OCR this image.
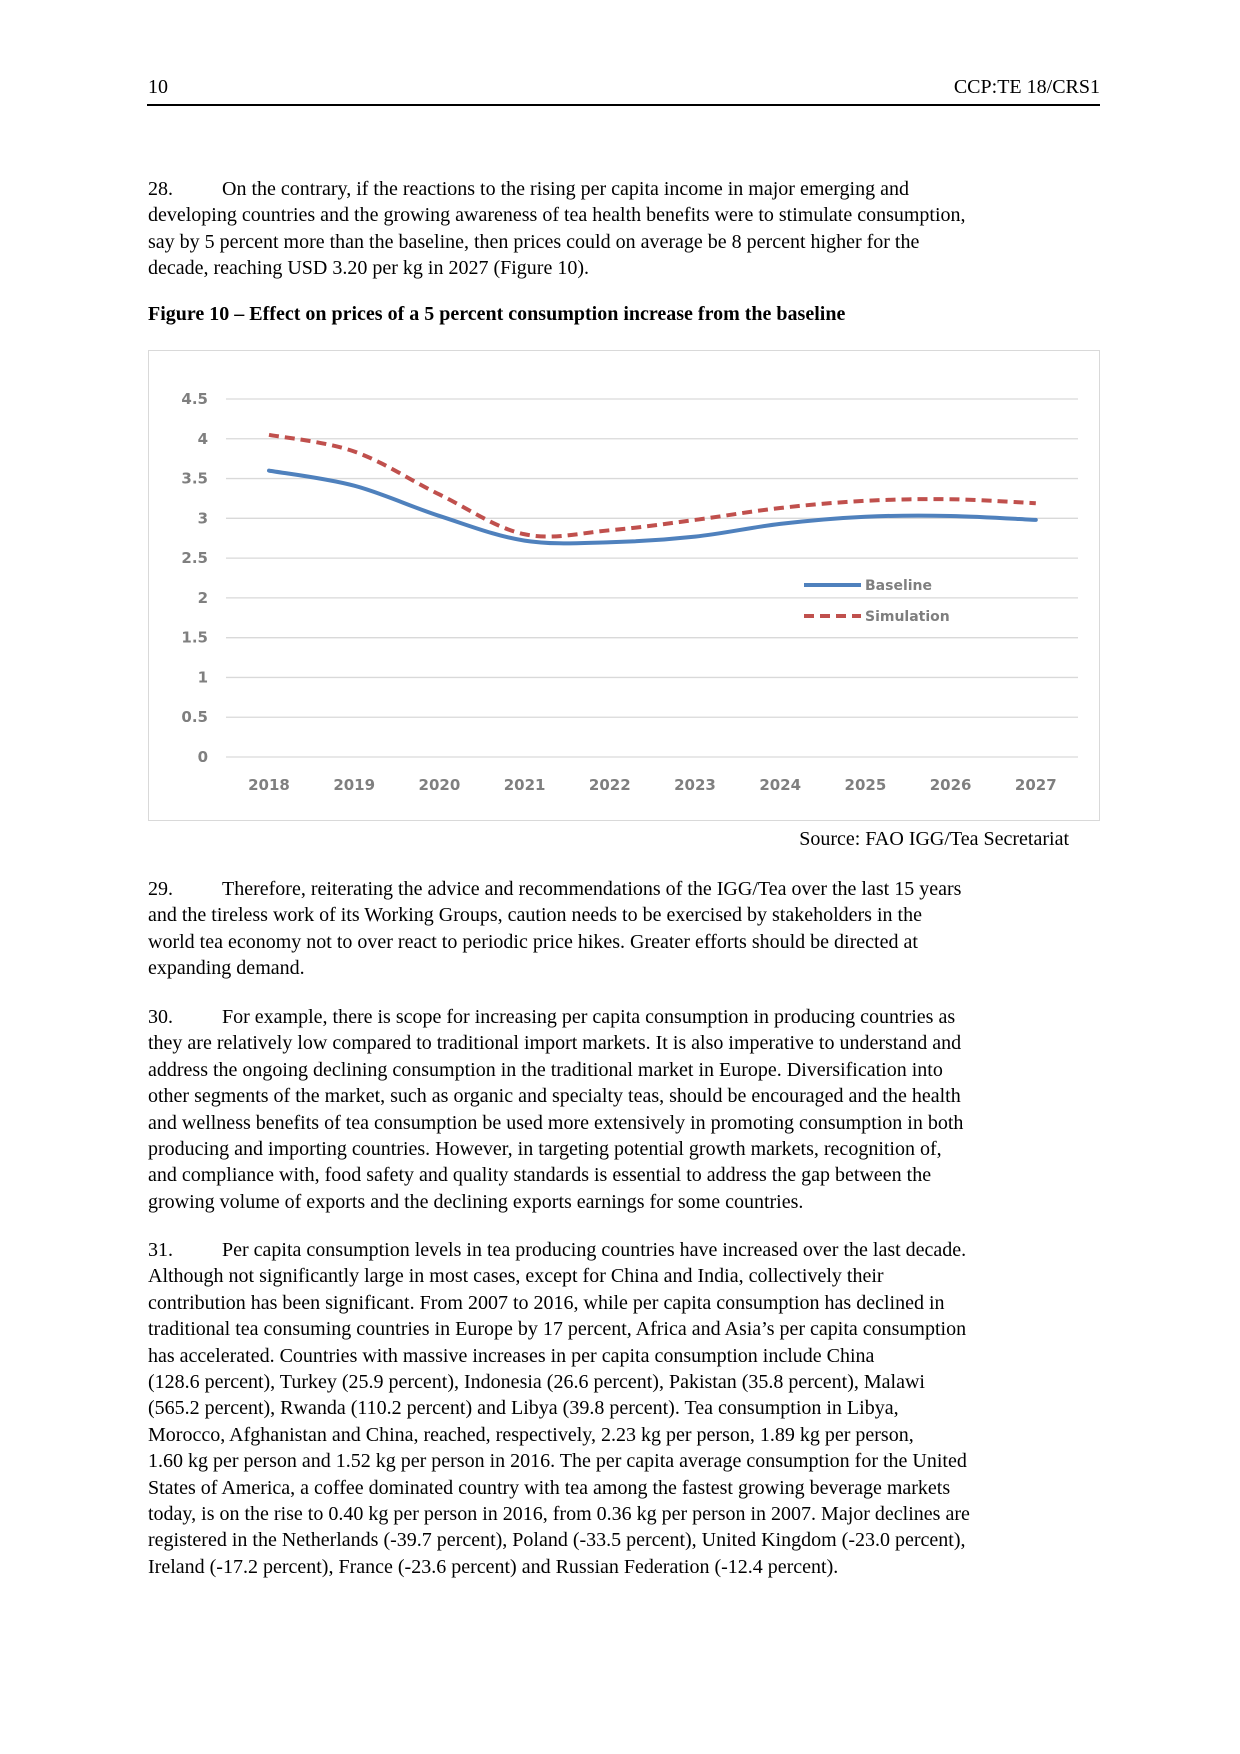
10	CCP:TE 18/CRS1
28. On the contrary, if the reactions to the rising per capita income in major emerging and
developing countries and the growing awareness of tea health benefits were to stimulate consumption,
say by 5 percent more than the baseline, then prices could on average be 8 percent higher for the
decade, reaching USD 3.20 per kg in 2027 (Figure 10).
Figure 10 – Effect on prices of a 5 percent consumption increase from the baseline
0
0.5
1
1.5
2
2.5
3
3.5
4
4.5
2018	2019	2020	2021	2022	2023	2024	2025	2026	2027
Baseline
Simulation
Source: FAO IGG/Tea Secretariat
29. Therefore, reiterating the advice and recommendations of the IGG/Tea over the last 15 years
and the tireless work of its Working Groups, caution needs to be exercised by stakeholders in the
world tea economy not to over react to periodic price hikes. Greater efforts should be directed at
expanding demand.
30. For example, there is scope for increasing per capita consumption in producing countries as
they are relatively low compared to traditional import markets. It is also imperative to understand and
address the ongoing declining consumption in the traditional market in Europe. Diversification into
other segments of the market, such as organic and specialty teas, should be encouraged and the health
and wellness benefits of tea consumption be used more extensively in promoting consumption in both
producing and importing countries. However, in targeting potential growth markets, recognition of,
and compliance with, food safety and quality standards is essential to address the gap between the
growing volume of exports and the declining exports earnings for some countries.
31. Per capita consumption levels in tea producing countries have increased over the last decade.
Although not significantly large in most cases, except for China and India, collectively their
contribution has been significant. From 2007 to 2016, while per capita consumption has declined in
traditional tea consuming countries in Europe by 17 percent, Africa and Asia’s per capita consumption
has accelerated. Countries with massive increases in per capita consumption include China
(128.6 percent), Turkey (25.9 percent), Indonesia (26.6 percent), Pakistan (35.8 percent), Malawi
(565.2 percent), Rwanda (110.2 percent) and Libya (39.8 percent). Tea consumption in Libya,
Morocco, Afghanistan and China, reached, respectively, 2.23 kg per person, 1.89 kg per person,
1.60 kg per person and 1.52 kg per person in 2016. The per capita average consumption for the United
States of America, a coffee dominated country with tea among the fastest growing beverage markets
today, is on the rise to 0.40 kg per person in 2016, from 0.36 kg per person in 2007. Major declines are
registered in the Netherlands (-39.7 percent), Poland (-33.5 percent), United Kingdom (-23.0 percent),
Ireland (-17.2 percent), France (-23.6 percent) and Russian Federation (-12.4 percent).
